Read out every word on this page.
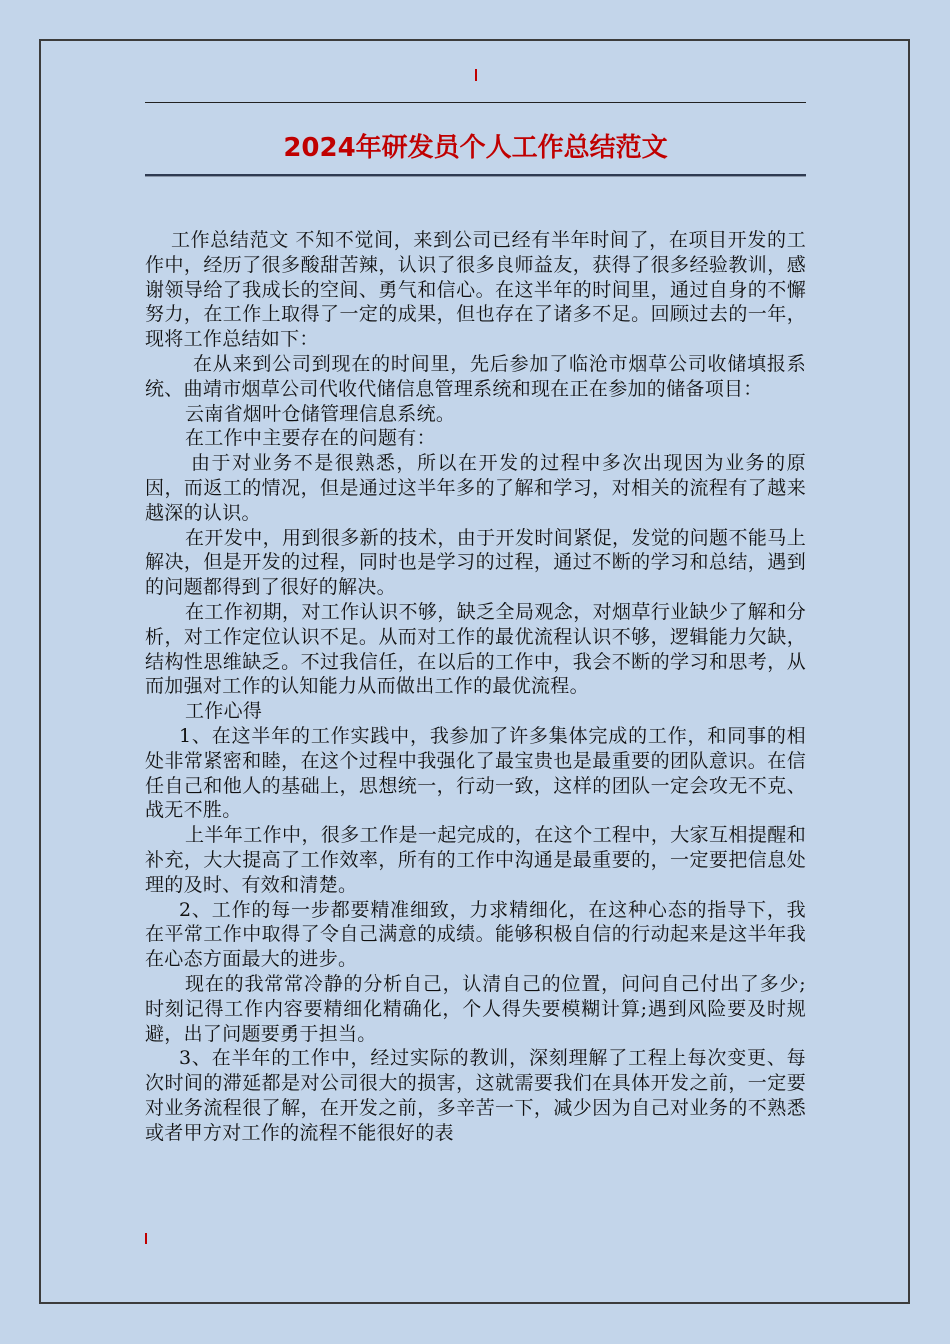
2024年研发员个人工作总结范文

工作总结范文 不知不觉间，来到公司已经有半年时间了，在项目开发的工作中，经历了很多酸甜苦辣，认识了很多良师益友，获得了很多经验教训，感谢领导给了我成长的空间、勇气和信心。在这半年的时间里，通过自身的不懈努力，在工作上取得了一定的成果，但也存在了诸多不足。回顾过去的一年，现将工作总结如下：

在从来到公司到现在的时间里，先后参加了临沧市烟草公司收储填报系统、曲靖市烟草公司代收代储信息管理系统和现在正在参加的储备项目：

云南省烟叶仓储管理信息系统。

在工作中主要存在的问题有：

由于对业务不是很熟悉，所以在开发的过程中多次出现因为业务的原因，而返工的情况，但是通过这半年多的了解和学习，对相关的流程有了越来越深的认识。

在开发中，用到很多新的技术，由于开发时间紧促，发觉的问题不能马上解决，但是开发的过程，同时也是学习的过程，通过不断的学习和总结，遇到的问题都得到了很好的解决。

在工作初期，对工作认识不够，缺乏全局观念，对烟草行业缺少了解和分析，对工作定位认识不足。从而对工作的最优流程认识不够，逻辑能力欠缺，结构性思维缺乏。不过我信任，在以后的工作中，我会不断的学习和思考，从而加强对工作的认知能力从而做出工作的最优流程。

工作心得

1、在这半年的工作实践中，我参加了许多集体完成的工作，和同事的相处非常紧密和睦，在这个过程中我强化了最宝贵也是最重要的团队意识。在信任自己和他人的基础上，思想统一，行动一致，这样的团队一定会攻无不克、战无不胜。

上半年工作中，很多工作是一起完成的，在这个工程中，大家互相提醒和补充，大大提高了工作效率，所有的工作中沟通是最重要的，一定要把信息处理的及时、有效和清楚。

2、工作的每一步都要精准细致，力求精细化，在这种心态的指导下，我在平常工作中取得了令自己满意的成绩。能够积极自信的行动起来是这半年我在心态方面最大的进步。

现在的我常常冷静的分析自己，认清自己的位置，问问自己付出了多少;时刻记得工作内容要精细化精确化，个人得失要模糊计算;遇到风险要及时规避，出了问题要勇于担当。

3、在半年的工作中，经过实际的教训，深刻理解了工程上每次变更、每次时间的滞延都是对公司很大的损害，这就需要我们在具体开发之前，一定要对业务流程很了解，在开发之前，多辛苦一下，减少因为自己对业务的不熟悉或者甲方对工作的流程不能很好的表
